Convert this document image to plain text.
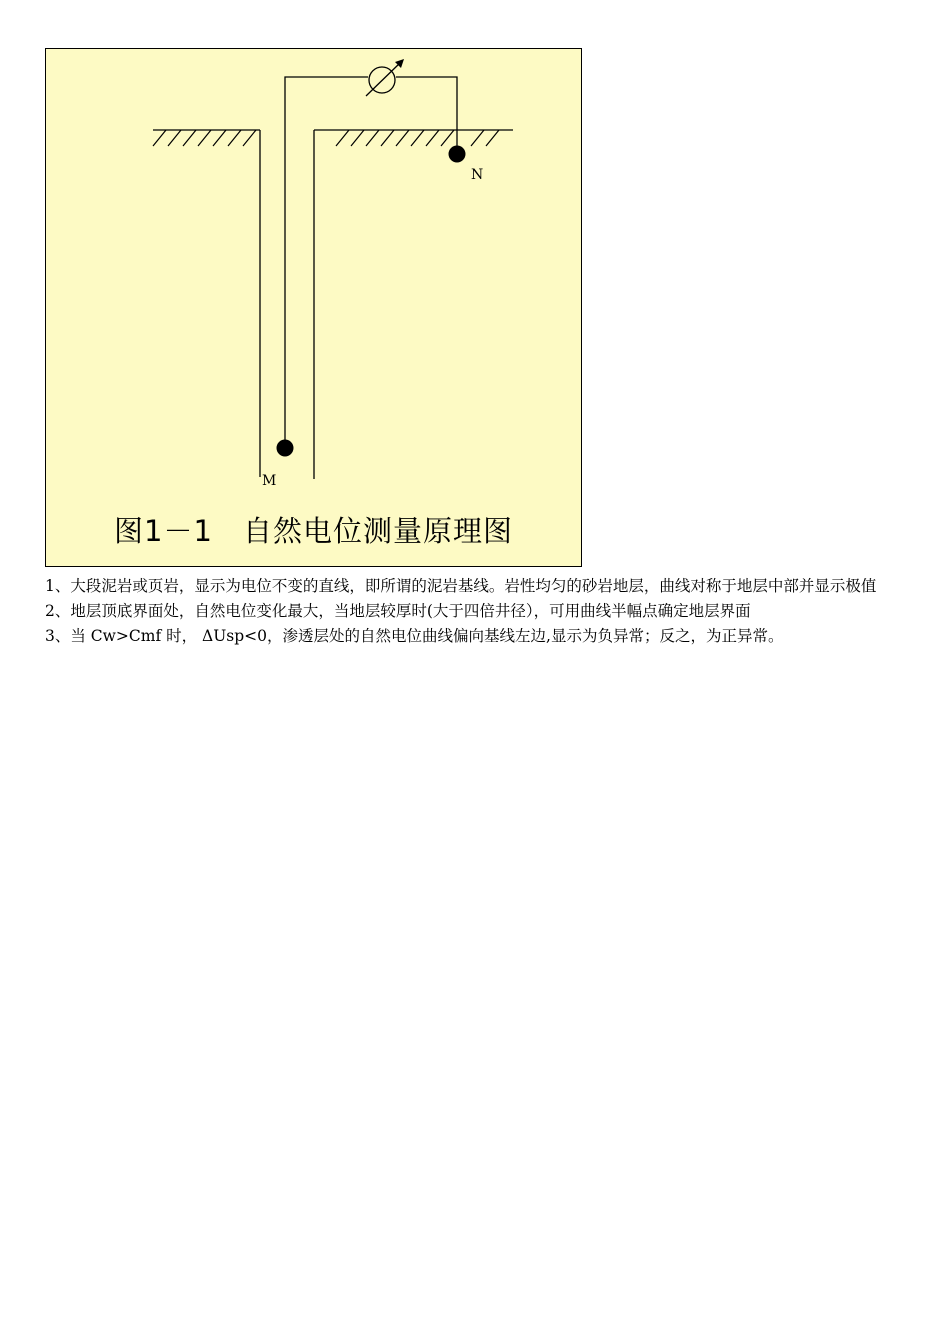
N
M
图1－1　自然电位测量原理图

1、大段泥岩或页岩，显示为电位不变的直线，即所谓的泥岩基线。岩性均匀的砂岩地层，曲线对称于地层中部并显示极值

2、地层顶底界面处，自然电位变化最大，当地层较厚时(大于四倍井径），可用曲线半幅点确定地层界面

3、当 Cw>Cmf 时， ΔUsp<0，渗透层处的自然电位曲线偏向基线左边,显示为负异常；反之，为正异常。
